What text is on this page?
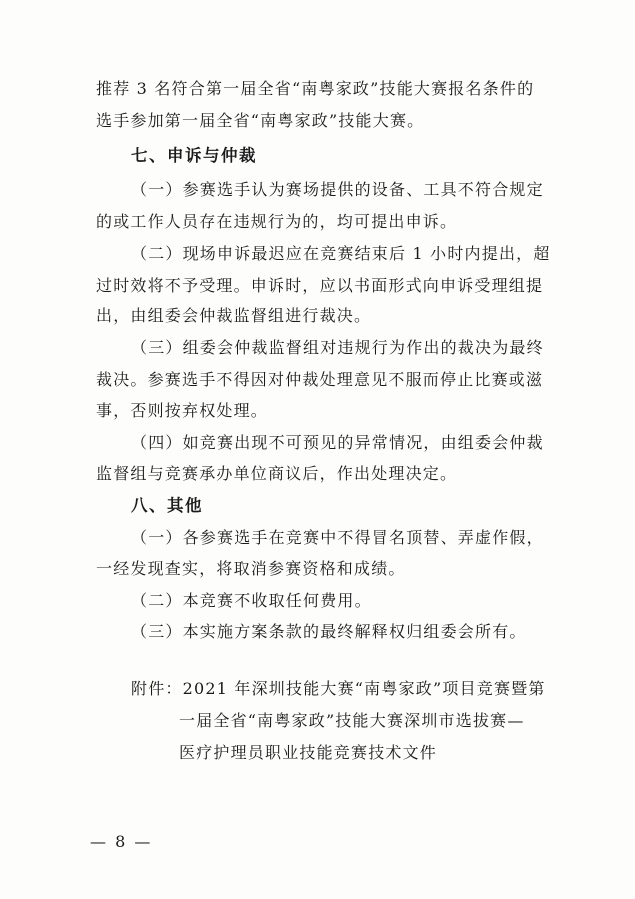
推荐 3 名符合第一届全省“南粤家政”技能大赛报名条件的
选手参加第一届全省“南粤家政”技能大赛。
七、申诉与仲裁
（一）参赛选手认为赛场提供的设备、工具不符合规定
的或工作人员存在违规行为的，均可提出申诉。
（二）现场申诉最迟应在竞赛结束后 1 小时内提出，超
过时效将不予受理。申诉时，应以书面形式向申诉受理组提
出，由组委会仲裁监督组进行裁决。
（三）组委会仲裁监督组对违规行为作出的裁决为最终
裁决。参赛选手不得因对仲裁处理意见不服而停止比赛或滋
事，否则按弃权处理。
（四）如竞赛出现不可预见的异常情况，由组委会仲裁
监督组与竞赛承办单位商议后，作出处理决定。
八、其他
（一）各参赛选手在竞赛中不得冒名顶替、弄虚作假，
一经发现查实，将取消参赛资格和成绩。
（二）本竞赛不收取任何费用。
（三）本实施方案条款的最终解释权归组委会所有。
附件：2021 年深圳技能大赛“南粤家政”项目竞赛暨第
一届全省“南粤家政”技能大赛深圳市选拔赛—
医疗护理员职业技能竞赛技术文件
— 8 —
